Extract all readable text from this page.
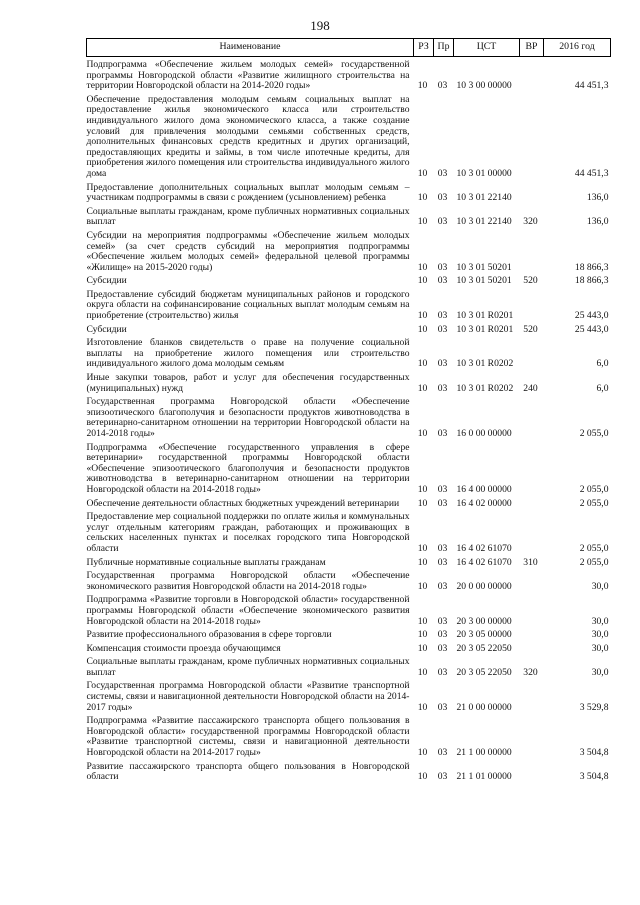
198
Наименование	РЗ	Пр	ЦСТ	ВР	2016 год
Подпрограмма «Обеспечение жильем молодых семей» государственной программы Новгородской области «Развитие жилищного строительства на территории Новгородской области на 2014-2020 годы»	10	03	10 3 00 00000		44 451,3
Обеспечение предоставления молодым семьям социальных выплат на предоставление жилья экономического класса или строительство индивидуального жилого дома экономического класса, а также создание условий для привлечения молодыми семьями собственных средств, дополнительных финансовых средств кредитных и других организаций, предоставляющих кредиты и займы, в том числе ипотечные кредиты, для приобретения жилого помещения или строительства индивидуального жилого дома	10	03	10 3 01 00000		44 451,3
Предоставление дополнительных социальных выплат молодым семьям – участникам подпрограммы в связи с рождением (усыновлением) ребенка	10	03	10 3 01 22140		136,0
Социальные выплаты гражданам, кроме публичных нормативных социальных выплат	10	03	10 3 01 22140	320	136,0
Субсидии на мероприятия подпрограммы «Обеспечение жильем молодых семей» (за счет средств субсидий на мероприятия подпрограммы «Обеспечение жильем молодых семей» федеральной целевой программы «Жилище» на 2015-2020 годы)	10	03	10 3 01 50201		18 866,3
Субсидии	10	03	10 3 01 50201	520	18 866,3
Предоставление субсидий бюджетам муниципальных районов и городского округа области на софинансирование социальных выплат молодым семьям на приобретение (строительство) жилья	10	03	10 3 01 R0201		25 443,0
Субсидии	10	03	10 3 01 R0201	520	25 443,0
Изготовление бланков свидетельств о праве на получение социальной выплаты на приобретение жилого помещения или строительство индивидуального жилого дома молодым семьям	10	03	10 3 01 R0202		6,0
Иные закупки товаров, работ и услуг для обеспечения государственных (муниципальных) нужд	10	03	10 3 01 R0202	240	6,0
Государственная программа Новгородской области «Обеспечение эпизоотического благополучия и безопасности продуктов животноводства в ветеринарно-санитарном отношении на территории Новгородской области на 2014-2018 годы»	10	03	16 0 00 00000		2 055,0
Подпрограмма «Обеспечение государственного управления в сфере ветеринарии» государственной программы Новгородской области «Обеспечение эпизоотического благополучия и безопасности продуктов животноводства в ветеринарно-санитарном отношении на территории Новгородской области на 2014-2018 годы»	10	03	16 4 00 00000		2 055,0
Обеспечение деятельности областных бюджетных учреждений ветеринарии	10	03	16 4 02 00000		2 055,0
Предоставление мер социальной поддержки по оплате жилья и коммунальных услуг отдельным категориям граждан, работающих и проживающих в сельских населенных пунктах и поселках городского типа Новгородской области	10	03	16 4 02 61070		2 055,0
Публичные нормативные социальные выплаты гражданам	10	03	16 4 02 61070	310	2 055,0
Государственная программа Новгородской области «Обеспечение экономического развития Новгородской области на 2014-2018 годы»	10	03	20 0 00 00000		30,0
Подпрограмма «Развитие торговли в Новгородской области» государственной программы Новгородской области «Обеспечение экономического развития Новгородской области на 2014-2018 годы»	10	03	20 3 00 00000		30,0
Развитие профессионального образования в сфере торговли	10	03	20 3 05 00000		30,0
Компенсация стоимости проезда обучающимся	10	03	20 3 05 22050		30,0
Социальные выплаты гражданам, кроме публичных нормативных социальных выплат	10	03	20 3 05 22050	320	30,0
Государственная программа Новгородской области «Развитие транспортной системы, связи и навигационной деятельности Новгородской области на 2014-2017 годы»	10	03	21 0 00 00000		3 529,8
Подпрограмма «Развитие пассажирского транспорта общего пользования в Новгородской области» государственной программы Новгородской области «Развитие транспортной системы, связи и навигационной деятельности Новгородской области на 2014-2017 годы»	10	03	21 1 00 00000		3 504,8
Развитие пассажирского транспорта общего пользования в Новгородской области	10	03	21 1 01 00000		3 504,8
